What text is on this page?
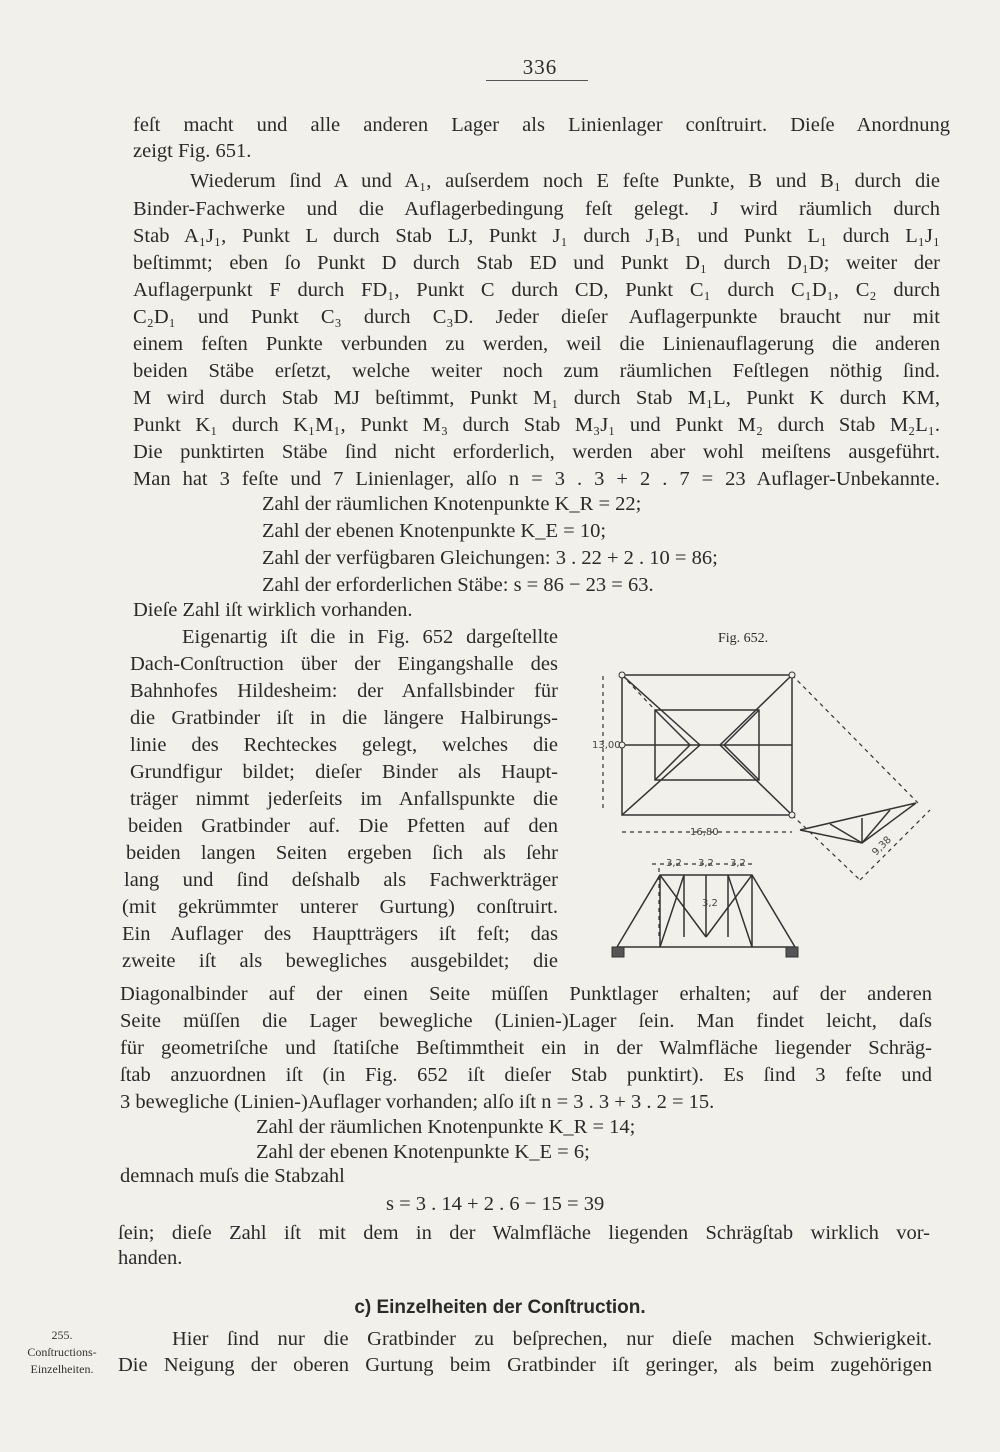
336
feſt macht und alle anderen Lager als Linienlager conſtruirt. Dieſe Anordnung
zeigt Fig. 651.
Wiederum ſind A und A₁, auſserdem noch E feſte Punkte, B und B₁ durch die
Binder-Fachwerke und die Auflagerbedingung feſt gelegt. J wird räumlich durch
Stab A₁J₁, Punkt L durch Stab LJ, Punkt J₁ durch J₁B₁ und Punkt L₁ durch L₁J₁
beſtimmt; eben ſo Punkt D durch Stab ED und Punkt D₁ durch D₁D; weiter der
Auflagerpunkt F durch FD₁, Punkt C durch CD, Punkt C₁ durch C₁D₁, C₂ durch
C₂D₁ und Punkt C₃ durch C₃D. Jeder dieſer Auflagerpunkte braucht nur mit
einem feſten Punkte verbunden zu werden, weil die Linienauflagerung die anderen
beiden Stäbe erſetzt, welche weiter noch zum räumlichen Feſtlegen nöthig ſind.
M wird durch Stab MJ beſtimmt, Punkt M₁ durch Stab M₁L, Punkt K durch KM,
Punkt K₁ durch K₁M₁, Punkt M₃ durch Stab M₃J₁ und Punkt M₂ durch Stab M₂L₁.
Die punktirten Stäbe ſind nicht erforderlich, werden aber wohl meiſtens ausgeführt.
Man hat 3 feſte und 7 Linienlager, alſo n = 3 . 3 + 2 . 7 = 23 Auflager-Unbekannte.
Zahl der räumlichen Knotenpunkte K_R = 22;
Zahl der ebenen Knotenpunkte K_E = 10;
Zahl der verfügbaren Gleichungen: 3 . 22 + 2 . 10 = 86;
Zahl der erforderlichen Stäbe: s = 86 − 23 = 63.
Dieſe Zahl iſt wirklich vorhanden.
Eigenartig iſt die in Fig. 652 dargeſtellte
Dach-Conſtruction über der Eingangshalle des
Bahnhofes Hildesheim: der Anfallsbinder für
die Gratbinder iſt in die längere Halbirungs-
linie des Rechteckes gelegt, welches die
Grundfigur bildet; dieſer Binder als Haupt-
träger nimmt jederſeits im Anfallspunkte die
beiden Gratbinder auf. Die Pfetten auf den
beiden langen Seiten ergeben ſich als ſehr
lang und ſind deſshalb als Fachwerkträger
(mit gekrümmter unterer Gurtung) conſtruirt.
Ein Auflager des Hauptträgers iſt feſt; das
zweite iſt als bewegliches ausgebildet; die
Diagonalbinder auf der einen Seite müſſen Punktlager erhalten; auf der anderen
Seite müſſen die Lager bewegliche (Linien-)Lager ſein. Man findet leicht, daſs
für geometriſche und ſtatiſche Beſtimmtheit ein in der Walmfläche liegender Schräg-
ſtab anzuordnen iſt (in Fig. 652 iſt dieſer Stab punktirt). Es ſind 3 feſte und
3 bewegliche (Linien-)Auflager vorhanden; alſo iſt n = 3 . 3 + 3 . 2 = 15.
Zahl der räumlichen Knotenpunkte K_R = 14;
Zahl der ebenen Knotenpunkte K_E = 6;
demnach muſs die Stabzahl
s = 3 . 14 + 2 . 6 − 15 = 39
ſein; dieſe Zahl iſt mit dem in der Walmfläche liegenden Schrägſtab wirklich vor-
handen.
c) Einzelheiten der Conſtruction.
255.
Conſtructions-
Einzelheiten.
Hier ſind nur die Gratbinder zu beſprechen, nur dieſe machen Schwierigkeit.
Die Neigung der oberen Gurtung beim Gratbinder iſt geringer, als beim zugehörigen
Fig. 652.
13,00
16,80
9,38
3,2 3,2 3,2
3,2
